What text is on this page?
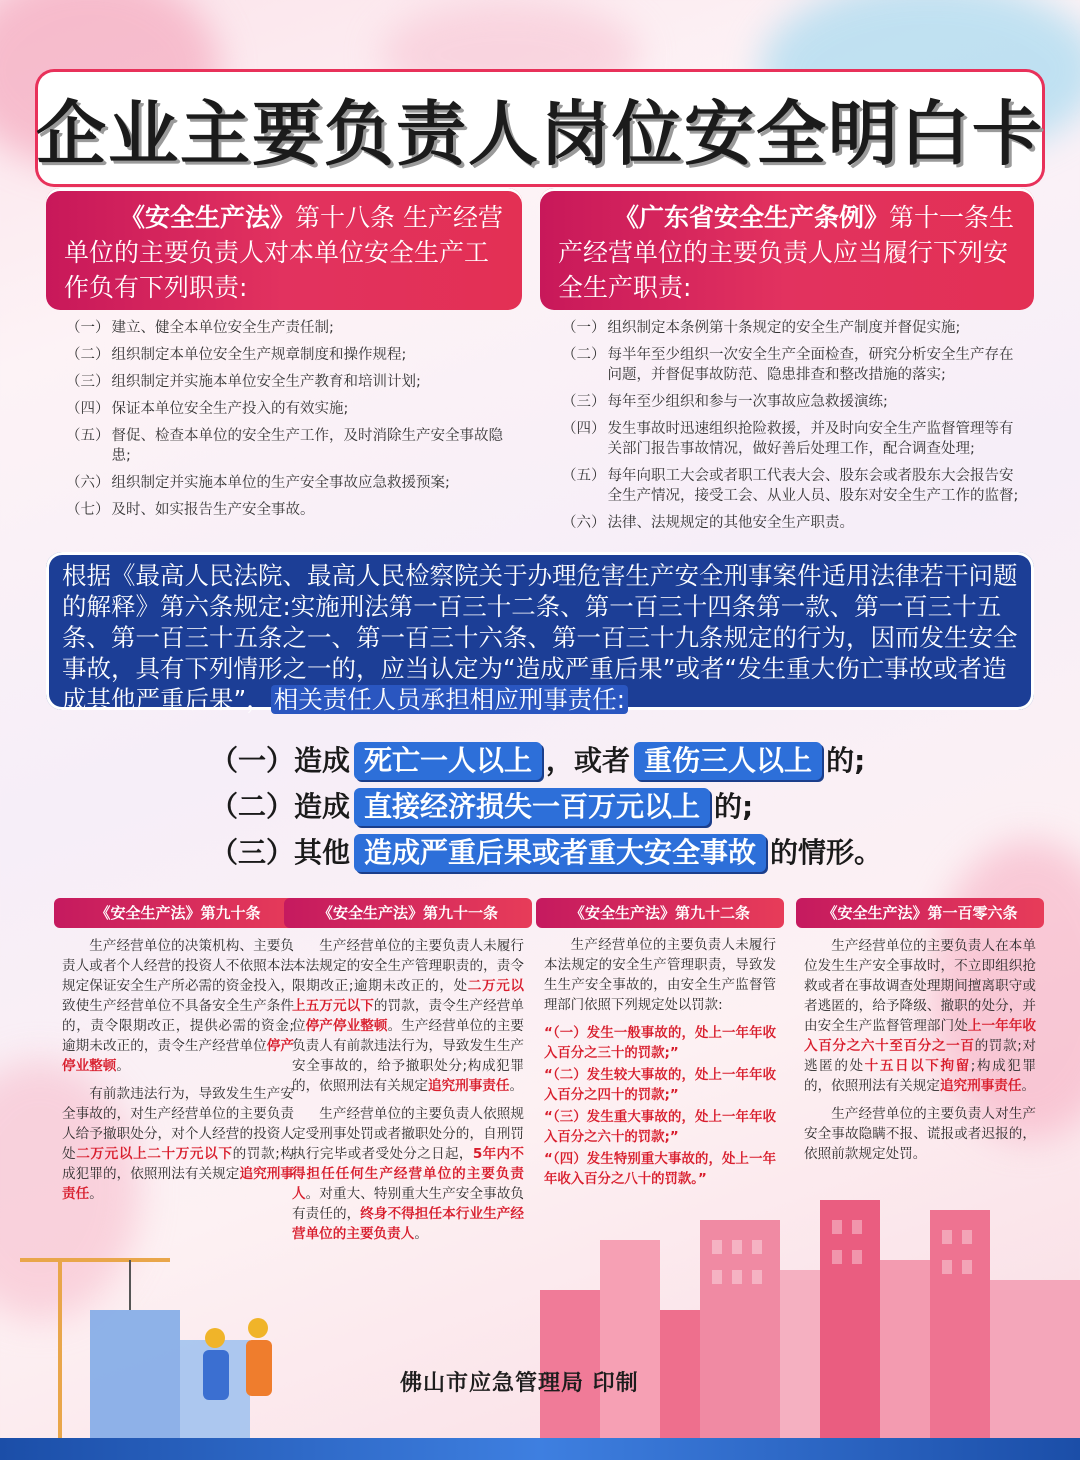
企业主要负责人岗位安全明白卡
《安全生产法》第十八条 生产经营单位的主要负责人对本单位安全生产工作负有下列职责:
《广东省安全生产条例》第十一条生产经营单位的主要负责人应当履行下列安全生产职责:
（一） 建立、健全本单位安全生产责任制;
（二） 组织制定本单位安全生产规章制度和操作规程;
（三） 组织制定并实施本单位安全生产教育和培训计划;
（四） 保证本单位安全生产投入的有效实施;
（五） 督促、检查本单位的安全生产工作，及时消除生产安全事故隐患;
（六） 组织制定并实施本单位的生产安全事故应急救援预案;
（七） 及时、如实报告生产安全事故。
（一） 组织制定本条例第十条规定的安全生产制度并督促实施;
（二） 每半年至少组织一次安全生产全面检查，研究分析安全生产存在问题，并督促事故防范、隐患排查和整改措施的落实;
（三） 每年至少组织和参与一次事故应急救援演练;
（四） 发生事故时迅速组织抢险救援，并及时向安全生产监督管理等有关部门报告事故情况，做好善后处理工作，配合调查处理;
（五） 每年向职工大会或者职工代表大会、股东会或者股东大会报告安全生产情况，接受工会、从业人员、股东对安全生产工作的监督;
（六） 法律、法规规定的其他安全生产职责。
根据《最高人民法院、最高人民检察院关于办理危害生产安全刑事案件适用法律若干问题的解释》第六条规定:实施刑法第一百三十二条、第一百三十四条第一款、第一百三十五条、第一百三十五条之一、第一百三十六条、第一百三十九条规定的行为，因而发生安全事故，具有下列情形之一的，应当认定为“造成严重后果”或者“发生重大伤亡事故或者造成其他严重后果”， 相关责任人员承担相应刑事责任:
（一）造成 死亡一人以上 ，或者 重伤三人以上 的;
（二）造成 直接经济损失一百万元以上 的;
（三）其他 造成严重后果或者重大安全事故 的情形。
《安全生产法》第九十条

生产经营单位的决策机构、主要负责人或者个人经营的投资人不依照本法规定保证安全生产所必需的资金投入，致使生产经营单位不具备安全生产条件的，责令限期改正，提供必需的资金;逾期未改正的，责令生产经营单位停产停业整顿。

有前款违法行为，导致发生生产安全事故的，对生产经营单位的主要负责人给予撤职处分，对个人经营的投资人处二万元以上二十万元以下的罚款;构成犯罪的，依照刑法有关规定追究刑事责任。

《安全生产法》第九十一条

生产经营单位的主要负责人未履行本法规定的安全生产管理职责的，责令限期改正;逾期未改正的，处二万元以上五万元以下的罚款，责令生产经营单位停产停业整顿。生产经营单位的主要负责人有前款违法行为，导致发生生产安全事故的，给予撤职处分;构成犯罪的，依照刑法有关规定追究刑事责任。

生产经营单位的主要负责人依照规定受刑事处罚或者撤职处分的，自刑罚执行完毕或者受处分之日起，5年内不得担任任何生产经营单位的主要负责人。对重大、特别重大生产安全事故负有责任的，终身不得担任本行业生产经营单位的主要负责人。

《安全生产法》第九十二条

生产经营单位的主要负责人未履行本法规定的安全生产管理职责，导致发生生产安全事故的，由安全生产监督管理部门依照下列规定处以罚款:

“（一）发生一般事故的，处上一年年收入百分之三十的罚款;”
“（二）发生较大事故的，处上一年年收入百分之四十的罚款;”
“（三）发生重大事故的，处上一年年收入百分之六十的罚款;”
“（四）发生特别重大事故的，处上一年年收入百分之八十的罚款。”
《安全生产法》第一百零六条

生产经营单位的主要负责人在本单位发生生产安全事故时，不立即组织抢救或者在事故调查处理期间擅离职守或者逃匿的，给予降级、撤职的处分，并由安全生产监督管理部门处上一年年收入百分之六十至百分之一百的罚款;对逃匿的处十五日以下拘留;构成犯罪的，依照刑法有关规定追究刑事责任。

生产经营单位的主要负责人对生产安全事故隐瞒不报、谎报或者迟报的，依照前款规定处罚。

佛山市应急管理局 印制
